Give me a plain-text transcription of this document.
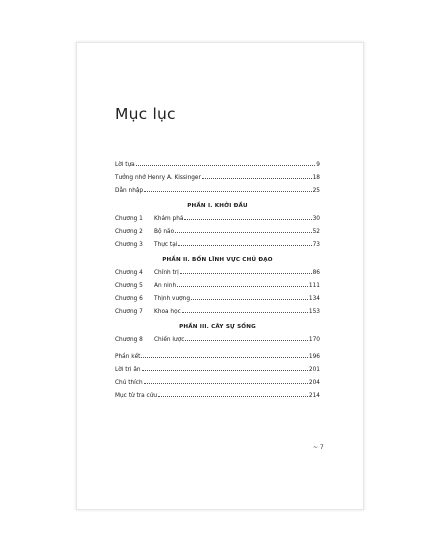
Mục lục
Lời tựa	9
Tưởng nhớ Henry A. Kissinger	18
Dẫn nhập	25
PHẦN I. KHỞI ĐẦU
Chương 1	Khám phá	30
Chương 2	Bộ não	52
Chương 3	Thực tại	73
PHẦN II. BỐN LĨNH VỰC CHỦ ĐẠO
Chương 4	Chính trị	86
Chương 5	An ninh	111
Chương 6	Thịnh vượng	134
Chương 7	Khoa học	153
PHẦN III. CÂY SỰ SỐNG
Chương 8	Chiến lược	170
Phần kết	196
Lời tri ân	201
Chú thích	204
Mục từ tra cứu	214
~ 7
